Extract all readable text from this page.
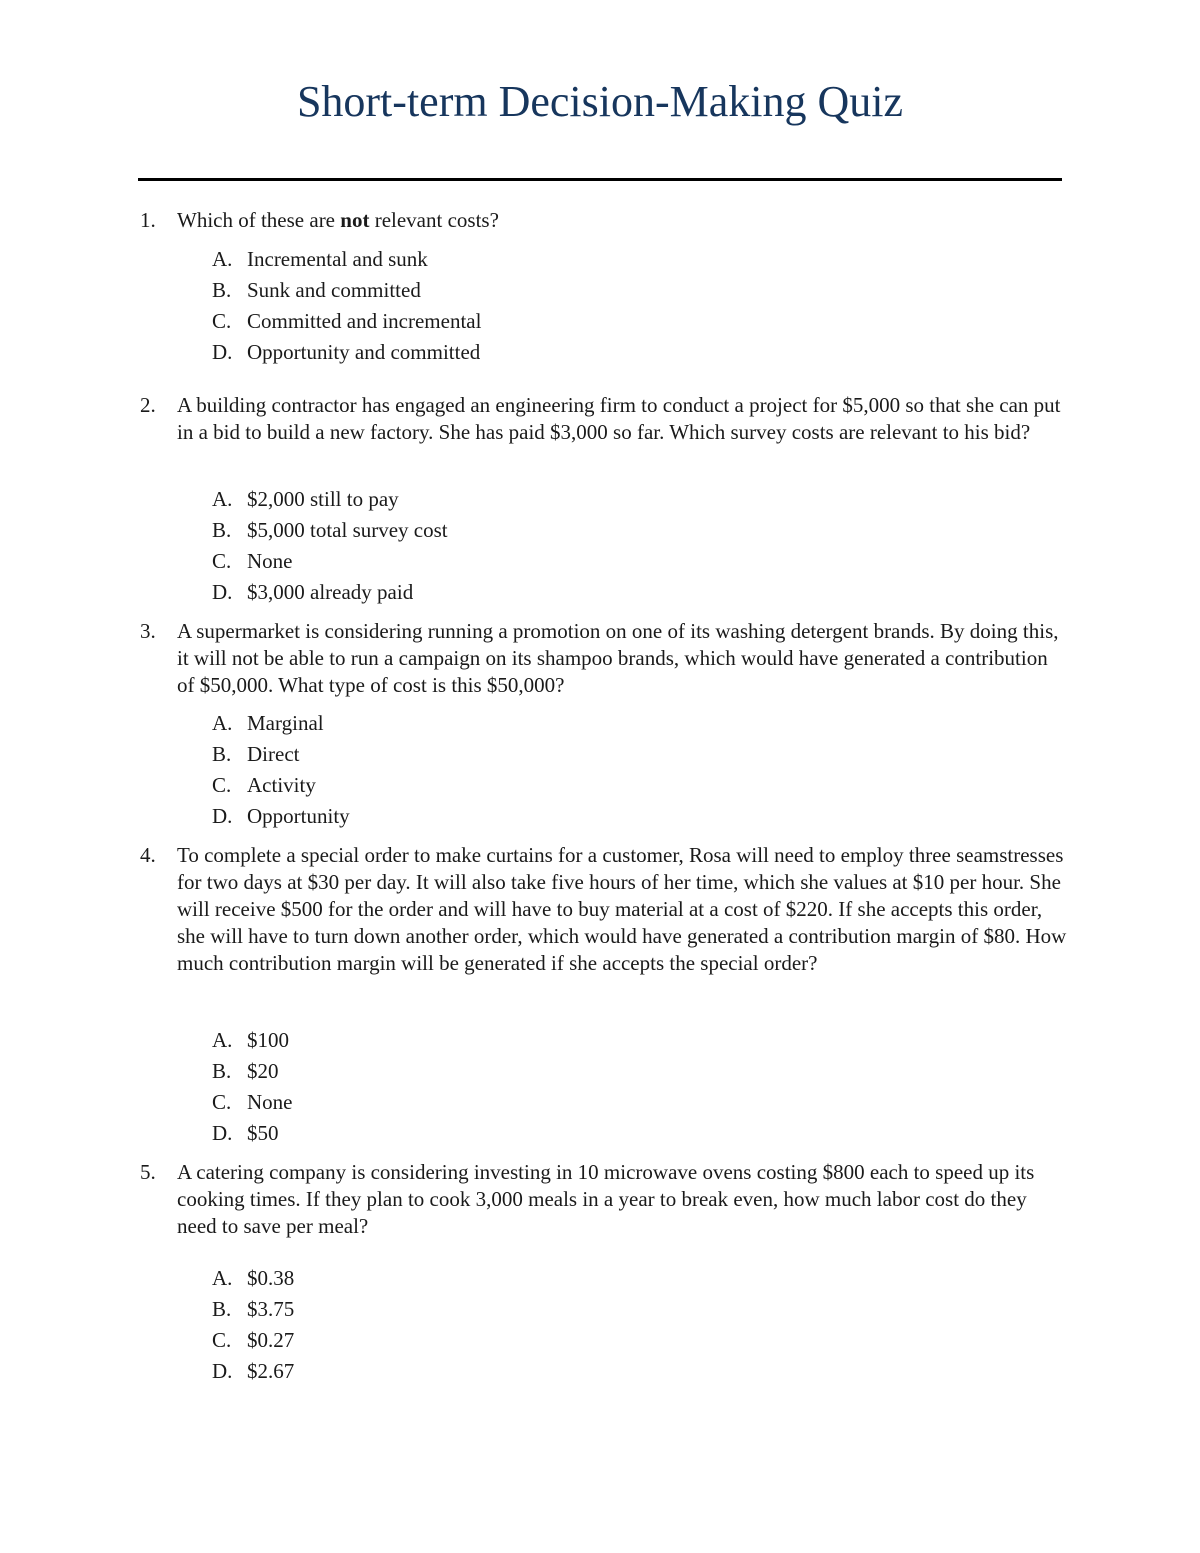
Short-term Decision-Making Quiz
1. Which of these are not relevant costs?
A. Incremental and sunk
B. Sunk and committed
C. Committed and incremental
D. Opportunity and committed
2. A building contractor has engaged an engineering firm to conduct a project for $5,000 so that she can put in a bid to build a new factory. She has paid $3,000 so far. Which survey costs are relevant to his bid?
A. $2,000 still to pay
B. $5,000 total survey cost
C. None
D. $3,000 already paid
3. A supermarket is considering running a promotion on one of its washing detergent brands. By doing this, it will not be able to run a campaign on its shampoo brands, which would have generated a contribution of $50,000. What type of cost is this $50,000?
A. Marginal
B. Direct
C. Activity
D. Opportunity
4. To complete a special order to make curtains for a customer, Rosa will need to employ three seamstresses for two days at $30 per day. It will also take five hours of her time, which she values at $10 per hour. She will receive $500 for the order and will have to buy material at a cost of $220. If she accepts this order, she will have to turn down another order, which would have generated a contribution margin of $80. How much contribution margin will be generated if she accepts the special order?
A. $100
B. $20
C. None
D. $50
5. A catering company is considering investing in 10 microwave ovens costing $800 each to speed up its cooking times. If they plan to cook 3,000 meals in a year to break even, how much labor cost do they need to save per meal?
A. $0.38
B. $3.75
C. $0.27
D. $2.67
